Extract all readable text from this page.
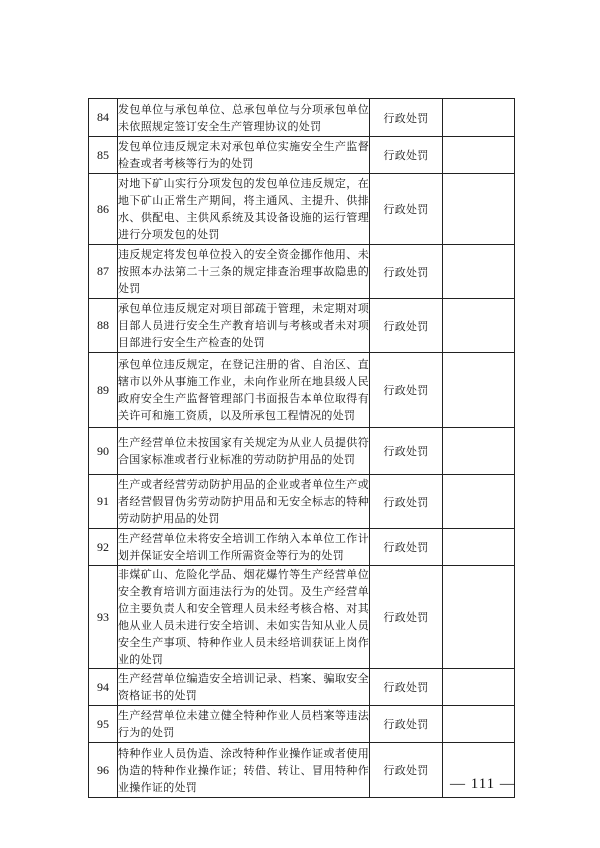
84	发包单位与承包单位、总承包单位与分项承包单位未依照规定签订安全生产管理协议的处罚	行政处罚	
85	发包单位违反规定未对承包单位实施安全生产监督检查或者考核等行为的处罚	行政处罚	
86	对地下矿山实行分项发包的发包单位违反规定，在地下矿山正常生产期间，将主通风、主提升、供排水、供配电、主供风系统及其设备设施的运行管理进行分项发包的处罚	行政处罚	
87	违反规定将发包单位投入的安全资金挪作他用、未按照本办法第二十三条的规定排查治理事故隐患的处罚	行政处罚	
88	承包单位违反规定对项目部疏于管理，未定期对项目部人员进行安全生产教育培训与考核或者未对项目部进行安全生产检查的处罚	行政处罚	
89	承包单位违反规定，在登记注册的省、自治区、直辖市以外从事施工作业，未向作业所在地县级人民政府安全生产监督管理部门书面报告本单位取得有关许可和施工资质，以及所承包工程情况的处罚	行政处罚	
90	生产经营单位未按国家有关规定为从业人员提供符合国家标准或者行业标准的劳动防护用品的处罚	行政处罚	
91	生产或者经营劳动防护用品的企业或者单位生产或者经营假冒伪劣劳动防护用品和无安全标志的特种劳动防护用品的处罚	行政处罚	
92	生产经营单位未将安全培训工作纳入本单位工作计划并保证安全培训工作所需资金等行为的处罚	行政处罚	
93	非煤矿山、危险化学品、烟花爆竹等生产经营单位安全教育培训方面违法行为的处罚。及生产经营单位主要负责人和安全管理人员未经考核合格、对其他从业人员未进行安全培训、未如实告知从业人员安全生产事项、特种作业人员未经培训获证上岗作业的处罚	行政处罚	
94	生产经营单位编造安全培训记录、档案、骗取安全资格证书的处罚	行政处罚	
95	生产经营单位未建立健全特种作业人员档案等违法行为的处罚	行政处罚	
96	特种作业人员伪造、涂改特种作业操作证或者使用伪造的特种作业操作证；转借、转让、冒用特种作业操作证的处罚	行政处罚	
— 111 —
